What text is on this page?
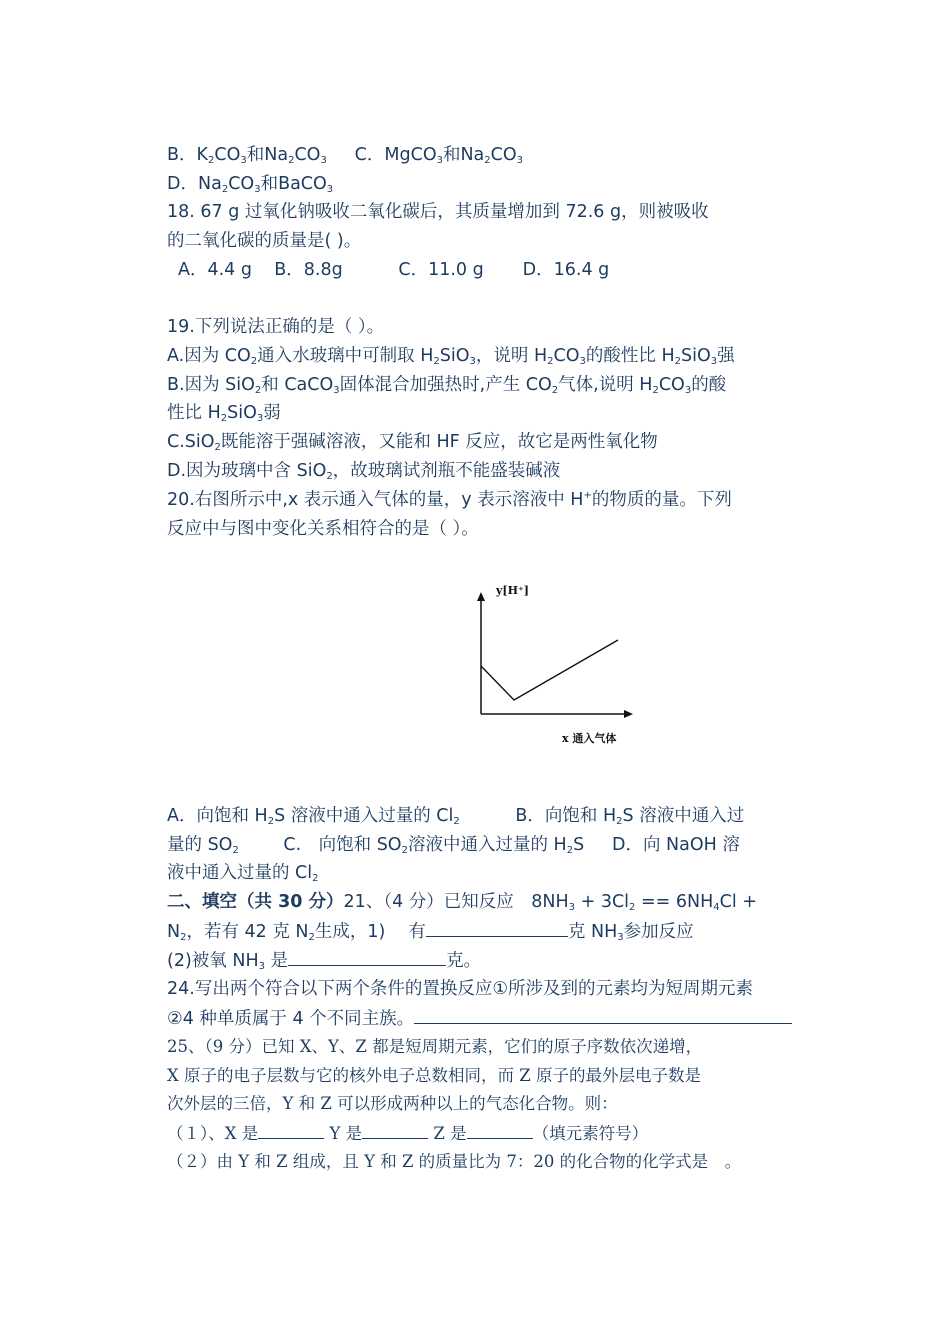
B．$K_2CO_3$和$Na_2CO_3$ C．MgCO$_3$和$Na_2CO_3$
D．$Na_2CO_3$和BaCO$_3$
18. 67 g 过氧化钠吸收二氧化碳后，其质量增加到 72.6 g，则被吸收
的二氧化碳的质量是( )。
A．4.4 g B．8.8g	C．11.0 g D．16.4 g
19.下列说法正确的是（ ）。
A.因为 $CO_2$通入水玻璃中可制取 $H_2SiO_3$，说明 $H_2CO_3$的酸性比 $H_2SiO_3$强
B.因为 SiO$_2$和 CaCO$_3$固体混合加强热时,产生 $CO_2$气体,说明 $H_2CO_3$的酸
性比 $H_2SiO_3$弱
C.SiO$_2$既能溶于强碱溶液，又能和 HF 反应，故它是两性氧化物
D.因为玻璃中含 SiO$_2$，故玻璃试剂瓶不能盛装碱液
20.右图所示中,x 表示通入气体的量，y 表示溶液中 H+的物质的量。下列
反应中与图中变化关系相符合的是（ ）。
y[H⁺]
x 通入气体
A．向饱和 $H_2S$ 溶液中通入过量的 $Cl_2$	B．向饱和 $H_2S$ 溶液中通入过
量的 $SO_2$	C.　向饱和 $SO_2$溶液中通入过量的 $H_2S$ D．向 NaOH 溶
液中通入过量的 $Cl_2$
二、填空（共 30 分）21、（4 分）已知反应　$8NH_3 + 3Cl_2 == 6NH_4Cl$ +
$N_2$，若有 42 克 $N_2$生成，1)　 有	克 $NH_3$参加反应
(2)被氧 $NH_3$ 是	克。
24.写出两个符合以下两个条件的置换反应①所涉及到的元素均为短周期元素
②4 种单质属于 4 个不同主族。
25、（9 分）已知 X、Y、Z 都是短周期元素，它们的原子序数依次递增，
X 原子的电子层数与它的核外电子总数相同，而 Z 原子的最外层电子数是
次外层的三倍，Y 和 Z 可以形成两种以上的气态化合物。则：
（１）、X 是	Y 是	Z 是	（填元素符号）
（２）由 Y 和 Z 组成，且 Y 和 Z 的质量比为 7：20 的化合物的化学式是　。
